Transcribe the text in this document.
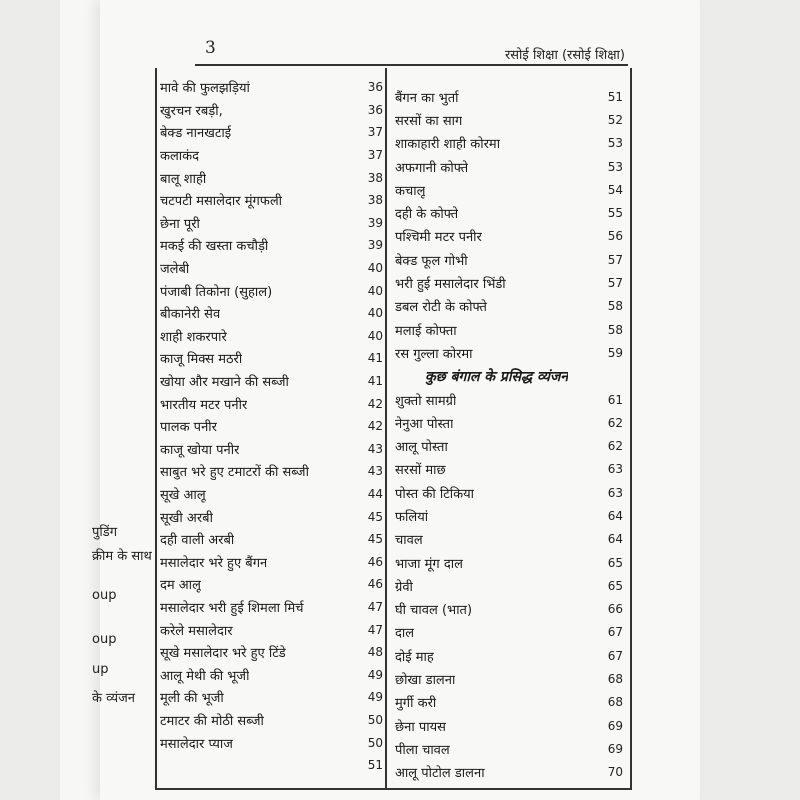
पुडिंग
क्रीम के साथ
oup
oup
up
के व्यंजन
3	रसोई शिक्षा (रसोई शिक्षा)
मावे की फुलझड़ियां	36
खुरचन रबड़ी,	36
बेक्ड नानखटाई	37
कलाकंद	37
बालू शाही	38
चटपटी मसालेदार मूंगफली	38
छेना पूरी	39
मकई की खस्ता कचौड़ी	39
जलेबी	40
पंजाबी तिकोना (सुहाल)	40
बीकानेरी सेव	40
शाही शकरपारे	40
काजू मिक्स मठरी	41
खोया और मखाने की सब्जी	41
भारतीय मटर पनीर	42
पालक पनीर	42
काजू खोया पनीर	43
साबुत भरे हुए टमाटरों की सब्जी	43
सूखे आलू	44
सूखी अरबी	45
दही वाली अरबी	45
मसालेदार भरे हुए बैंगन	46
दम आलू	46
मसालेदार भरी हुई शिमला मिर्च	47
करेले मसालेदार	47
सूखे मसालेदार भरे हुए टिंडे	48
आलू मेथी की भूजी	49
मूली की भूजी	49
टमाटर की मोठी सब्जी	50
मसालेदार प्याज	50
51
बैंगन का भुर्ता	51
सरसों का साग	52
शाकाहारी शाही कोरमा	53
अफगानी कोफ्ते	53
कचालू	54
दही के कोफ्ते	55
पश्चिमी मटर पनीर	56
बेक्ड फूल गोभी	57
भरी हुई मसालेदार भिंडी	57
डबल रोटी के कोफ्ते	58
मलाई कोफ्ता	58
रस गुल्ला कोरमा	59
कुछ बंगाल के प्रसिद्ध व्यंजन
शुक्तो सामग्री	61
नेनुआ पोस्ता	62
आलू पोस्ता	62
सरसों माछ	63
पोस्त की टिकिया	63
फलियां	64
चावल	64
भाजा मूंग दाल	65
ग्रेवी	65
घी चावल (भात)	66
दाल	67
दोई माह	67
छोखा डालना	68
मुर्गी करी	68
छेना पायस	69
पीला चावल	69
आलू पोटोल डालना	70
